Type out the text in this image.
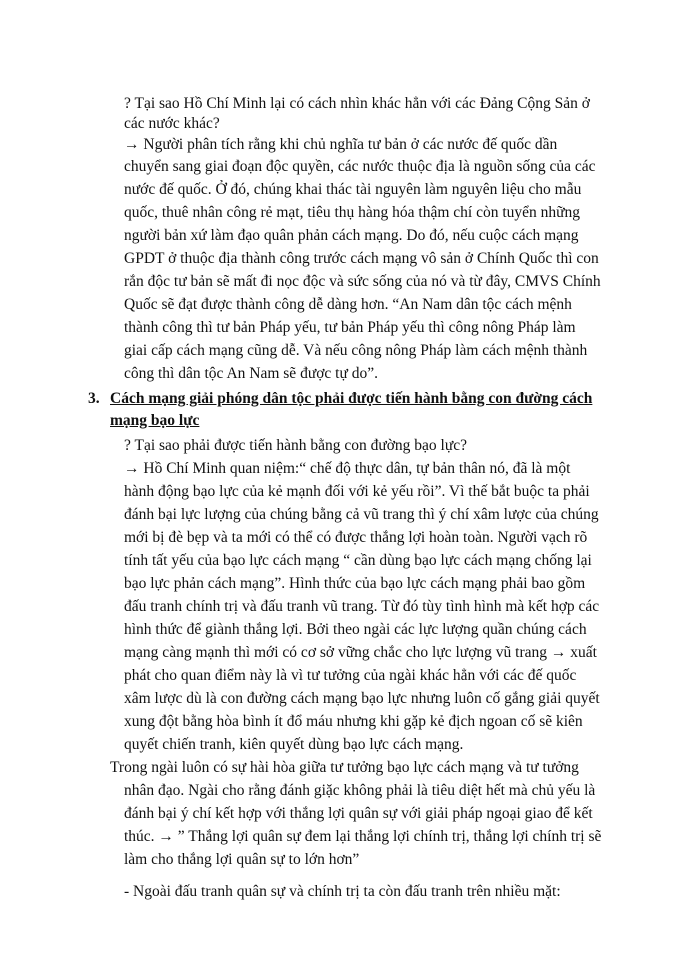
? Tại sao Hồ Chí Minh lại có cách nhìn khác hẳn với các Đảng Cộng Sản ở
các nước khác?
→ Người phân tích rằng khi chủ nghĩa tư bản ở các nước đế quốc dần
chuyển sang giai đoạn độc quyền, các nước thuộc địa là nguồn sống của các
nước đế quốc. Ở đó, chúng khai thác tài nguyên làm nguyên liệu cho mẫu
quốc, thuê nhân công rẻ mạt, tiêu thụ hàng hóa thậm chí còn tuyển những
người bản xứ làm đạo quân phản cách mạng. Do đó, nếu cuộc cách mạng
GPDT ở thuộc địa thành công trước cách mạng vô sản ở Chính Quốc thì con
rắn độc tư bản sẽ mất đi nọc độc và sức sống của nó và từ đây, CMVS Chính
Quốc sẽ đạt được thành công dễ dàng hơn. “An Nam dân tộc cách mệnh
thành công thì tư bản Pháp yếu, tư bản Pháp yếu thì công nông Pháp làm
giai cấp cách mạng cũng dễ. Và nếu công nông Pháp làm cách mệnh thành
công thì dân tộc An Nam sẽ được tự do”.
3. Cách mạng giải phóng dân tộc phải được tiến hành bằng con đường cách
mạng bạo lực
? Tại sao phải được tiến hành bằng con đường bạo lực?
→ Hồ Chí Minh quan niệm:“ chế độ thực dân, tự bản thân nó, đã là một
hành động bạo lực của kẻ mạnh đối với kẻ yếu rồi”. Vì thế bắt buộc ta phải
đánh bại lực lượng của chúng bằng cả vũ trang thì ý chí xâm lược của chúng
mới bị đè bẹp và ta mới có thể có được thắng lợi hoàn toàn. Người vạch rõ
tính tất yếu của bạo lực cách mạng “ cần dùng bạo lực cách mạng chống lại
bạo lực phản cách mạng”. Hình thức của bạo lực cách mạng phải bao gồm
đấu tranh chính trị và đấu tranh vũ trang. Từ đó tùy tình hình mà kết hợp các
hình thức để giành thắng lợi. Bởi theo ngài các lực lượng quần chúng cách
mạng càng mạnh thì mới có cơ sở vững chắc cho lực lượng vũ trang → xuất
phát cho quan điểm này là vì tư tưởng của ngài khác hẳn với các đế quốc
xâm lược dù là con đường cách mạng bạo lực nhưng luôn cố gắng giải quyết
xung đột bằng hòa bình ít đổ máu nhưng khi gặp kẻ địch ngoan cố sẽ kiên
quyết chiến tranh, kiên quyết dùng bạo lực cách mạng.
Trong ngài luôn có sự hài hòa giữa tư tưởng bạo lực cách mạng và tư tưởng
nhân đạo. Ngài cho rằng đánh giặc không phải là tiêu diệt hết mà chủ yếu là
đánh bại ý chí kết hợp với thắng lợi quân sự với giải pháp ngoại giao để kết
thúc. → ” Thắng lợi quân sự đem lại thắng lợi chính trị, thắng lợi chính trị sẽ
làm cho thắng lợi quân sự to lớn hơn”
- Ngoài đấu tranh quân sự và chính trị ta còn đấu tranh trên nhiều mặt:
